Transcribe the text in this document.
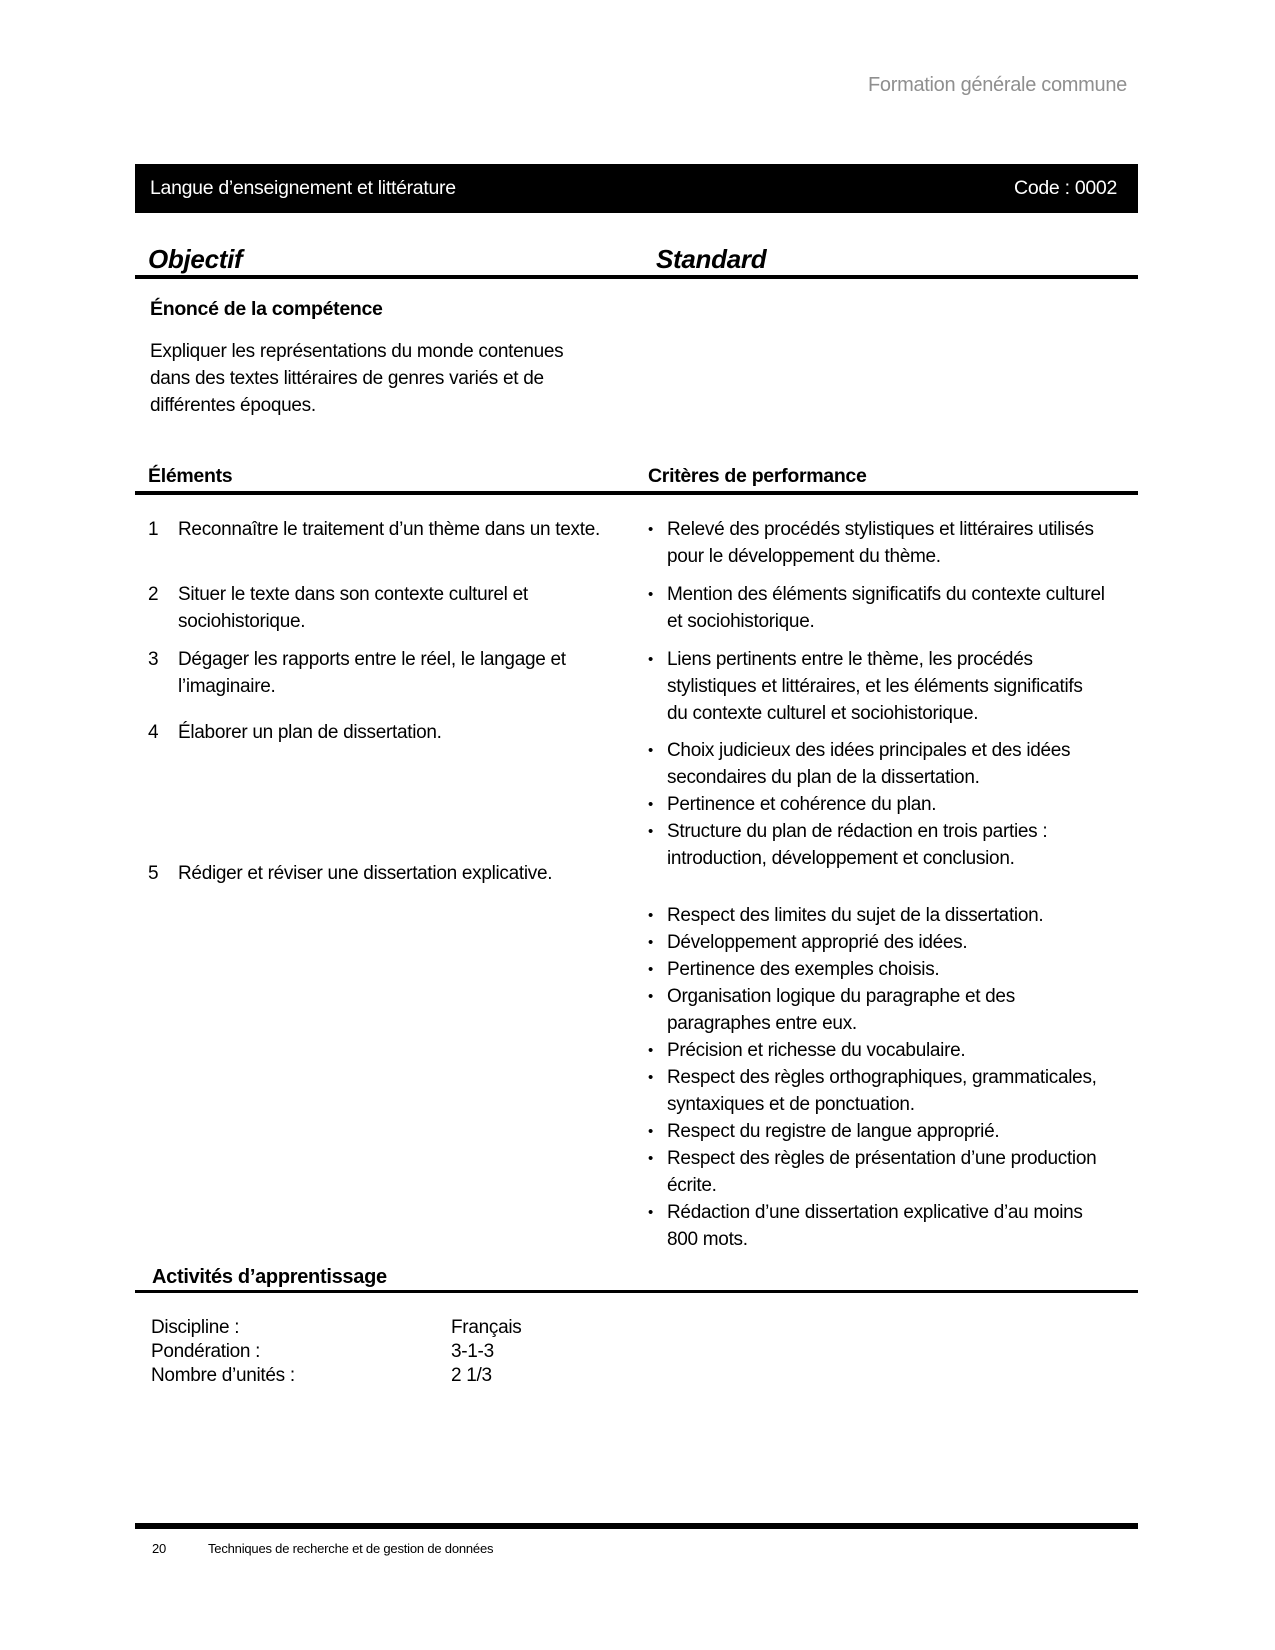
Formation générale commune
Langue d’enseignement et littérature	Code : 0002
Objectif	Standard
Énoncé de la compétence
Expliquer les représentations du monde contenues dans des textes littéraires de genres variés et de différentes époques.
Éléments	Critères de performance
1	Reconnaître le traitement d’un thème dans un texte.	• Relevé des procédés stylistiques et littéraires utilisés pour le développement du thème.
2	Situer le texte dans son contexte culturel et sociohistorique.
• Mention des éléments significatifs du contexte culturel et sociohistorique.
3	Dégager les rapports entre le réel, le langage et l’imaginaire.
• Liens pertinents entre le thème, les procédés stylistiques et littéraires, et les éléments significatifs du contexte culturel et sociohistorique.
4	Élaborer un plan de dissertation.
• Choix judicieux des idées principales et des idées secondaires du plan de la dissertation.
• Pertinence et cohérence du plan.
• Structure du plan de rédaction en trois parties : introduction, développement et conclusion.
5	Rédiger et réviser une dissertation explicative.
• Respect des limites du sujet de la dissertation.
• Développement approprié des idées.
• Pertinence des exemples choisis.
• Organisation logique du paragraphe et des paragraphes entre eux.
• Précision et richesse du vocabulaire.
• Respect des règles orthographiques, grammaticales, syntaxiques et de ponctuation.
• Respect du registre de langue approprié.
• Respect des règles de présentation d’une production écrite.
• Rédaction d’une dissertation explicative d’au moins 800 mots.
Activités d’apprentissage
Discipline :	Français
Pondération :	3-1-3
Nombre d’unités :	2 1/3
20	Techniques de recherche et de gestion de données
